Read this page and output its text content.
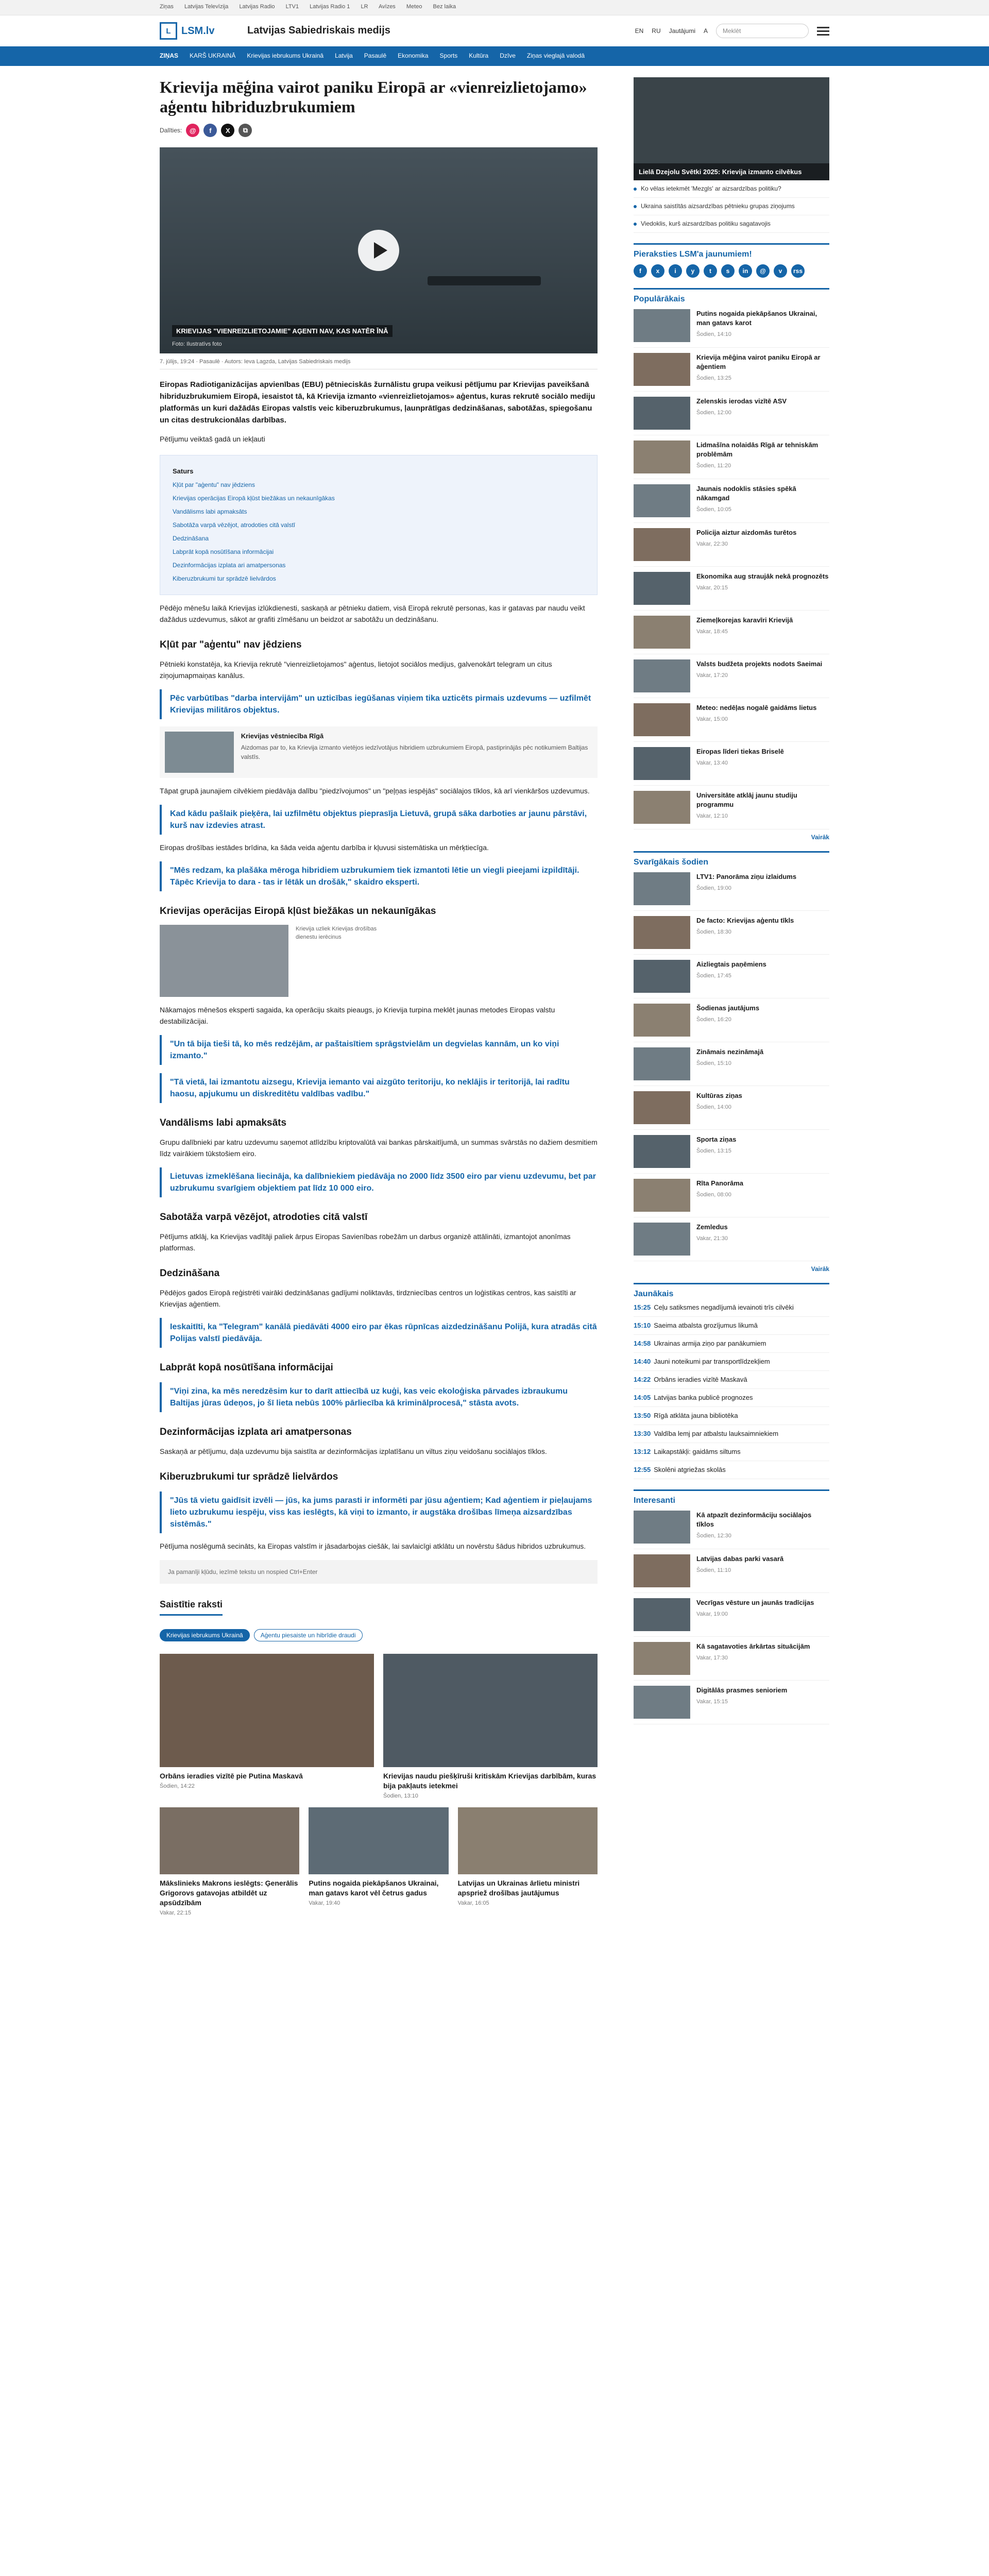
Ziņas Latvijas Televīzija Latvijas Radio LTV1 Latvijas Radio 1 LR Avīzes Meteo Bez laika
L	LSM.lv	Latvijas Sabiedriskais medijs	EN RU Jautājumi A	Meklēt
ZIŅAS KARŠ UKRAINĀ Krievijas iebrukums Ukrainā Latvija Pasaulē Ekonomika Sports Kultūra Dzīve Ziņas vieglajā valodā
Krievija mēģina vairot paniku Eiropā ar «vienreizlietojamo» aģentu hibriduzbrukumiem
Dalīties:	@	f	X	⧉
KRIEVIJAS "VIENREIZLIETOJAMIE" AĢENTI NAV, KAS NATĒR ĪNĀ
Foto: Ilustratīvs foto
7. jūlijs, 19:24 · Pasaulē · Autors: Ieva Lagzda, Latvijas Sabiedriskais medijs
Eiropas Radiotiganizācijas apvienības (EBU) pētnieciskās žurnālistu grupa veikusi pētījumu par Krievijas paveikšanā hibriduzbrukumiem Eiropā, iesaistot tā, kā Krievija izmanto «vienreizlietojamos» aģentus, kuras rekrutē sociālo mediju platformās un kuri dažādās Eiropas valstīs veic kiberuzbrukumus, ļaunprātīgas dedzināšanas, sabotāžas, spiegošanu un citas destrukcionālas darbības.
Pētījumu veiktaš gadā un iekļauti
Saturs
Kļūt par "aģentu" nav jēdziens
Krievijas operācijas Eiropā kļūst biežākas un nekaunīgākas
Vandālisms labi apmaksāts
Sabotāža varpā vēzējot, atrodoties citā valstī
Dedzināšana
Labprāt kopā nosūtīšana informācijai
Dezinformācijas izplata ari amatpersonas
Kiberuzbrukumi tur sprādzē lielvārdos
Pēdējo mēnešu laikā Krievijas izlūkdienesti, saskaņā ar pētnieku datiem, visā Eiropā rekrutē personas, kas ir gatavas par naudu veikt dažādus uzdevumus, sākot ar grafiti zīmēšanu un beidzot ar sabotāžu un dedzināšanu.
Kļūt par "aģentu" nav jēdziens
Pētnieki konstatēja, ka Krievija rekrutē "vienreizlietojamos" aģentus, lietojot sociālos medijus, galvenokārt telegram un citus ziņojumapmaiņas kanālus.
Pēc varbūtības "darba intervijām" un uzticības iegūšanas viņiem tika uzticēts pirmais uzdevums — uzfilmēt Krievijas militāros objektus.
Krievijas vēstniecība Rīgā
Aizdomas par to, ka Krievija izmanto vietējos iedzīvotājus hibridiem uzbrukumiem Eiropā, pastiprinājās pēc notikumiem Baltijas valstīs.
Tāpat grupā jaunajiem cilvēkiem piedāvāja dalību "piedzīvojumos" un "peļņas iespējās" sociālajos tīklos, kā arī vienkāršos uzdevumus.
Kad kādu pašlaik pieķēra, lai uzfilmētu objektus pieprasīja Lietuvā, grupā sāka darboties ar jaunu pārstāvi, kurš nav izdevies atrast.
Eiropas drošības iestādes brīdina, ka šāda veida aģentu darbība ir kļuvusi sistemātiska un mērķtiecīga.
"Mēs redzam, ka plašāka mēroga hibridiem uzbrukumiem tiek izmantoti lētie un viegli pieejami izpildītāji. Tāpēc Krievija to dara - tas ir lētāk un drošāk," skaidro eksperti.
Krievijas operācijas Eiropā kļūst biežākas un nekaunīgākas
Krievija uzliek Krievijas drošības dienestu ierēcinus
Nākamajos mēnešos eksperti sagaida, ka operāciju skaits pieaugs, jo Krievija turpina meklēt jaunas metodes Eiropas valstu destabilizācijai.
"Un tā bija tieši tā, ko mēs redzējām, ar paštaisītiem sprāgstvielām un degvielas kannām, un ko viņi izmanto."
"Tā vietā, lai izmantotu aizsegu, Krievija iemanto vai aizgūto teritoriju, ko neklājis ir teritorijā, lai radītu haosu, apjukumu un diskreditētu valdības vadību."
Vandālisms labi apmaksāts
Grupu dalībnieki par katru uzdevumu saņemot atlīdzību kriptovalūtā vai bankas pārskaitījumā, un summas svārstās no dažiem desmitiem līdz vairākiem tūkstošiem eiro.
Lietuvas izmeklēšana liecināja, ka dalībniekiem piedāvāja no 2000 līdz 3500 eiro par vienu uzdevumu, bet par uzbrukumu svarīgiem objektiem pat līdz 10 000 eiro.
Sabotāža varpā vēzējot, atrodoties citā valstī
Pētījums atklāj, ka Krievijas vadītāji paliek ārpus Eiropas Savienības robežām un darbus organizē attālināti, izmantojot anonīmas platformas.
Dedzināšana
Pēdējos gados Eiropā reģistrēti vairāki dedzināšanas gadījumi noliktavās, tirdzniecības centros un loģistikas centros, kas saistīti ar Krievijas aģentiem.
Ieskaitīti, ka "Telegram" kanālā piedāvāti 4000 eiro par ēkas rūpnīcas aizdedzināšanu Polijā, kura atradās citā Polijas valstī piedāvāja.
Labprāt kopā nosūtīšana informācijai
"Viņi zina, ka mēs neredzēsim kur to darīt attiecībā uz kuģi, kas veic ekoloģiska pārvades izbraukumu Baltijas jūras ūdeņos, jo šī lieta nebūs 100% pārliecība kā kriminālprocesā," stāsta avots.
Dezinformācijas izplata ari amatpersonas
Saskaņā ar pētījumu, daļa uzdevumu bija saistīta ar dezinformācijas izplatīšanu un viltus ziņu veidošanu sociālajos tīklos.
Kiberuzbrukumi tur sprādzē lielvārdos
"Jūs tā vietu gaidīsit izvēli — jūs, ka jums parasti ir informēti par jūsu aģentiem; Kad aģentiem ir pieļaujams lieto uzbrukumu iespēju, viss kas ieslēgts, kā viņi to izmanto, ir augstāka drošības līmeņa aizsardzības sistēmās."
Pētījuma noslēgumā secināts, ka Eiropas valstīm ir jāsadarbojas ciešāk, lai savlaicīgi atklātu un novērstu šādus hibridos uzbrukumus.
Ja pamanīji kļūdu, iezīmē tekstu un nospied Ctrl+Enter
Saistītie raksti
Krievijas iebrukums Ukrainā	Aģentu piesaiste un hibrīdie draudi
Orbāns ieradies vizītē pie Putina Maskavā
Šodien, 14:22
Krievijas naudu piešķīruši kritiskām Krievijas darbībām, kuras bija pakļauts ietekmei
Šodien, 13:10
Mākslinieks Makrons ieslēgts: Ģenerālis Grigorovs gatavojas atbildēt uz apsūdzībām
Vakar, 22:15
Putins nogaida piekāpšanos Ukrainai, man gatavs karot vēl četrus gadus
Vakar, 19:40
Latvijas un Ukrainas ārlietu ministri apspriež drošības jautājumus
Vakar, 16:05
Lielā Dzejolu Svētki 2025: Krievija izmanto cilvēkus
Ko vēlas ietekmēt 'Mezgls' ar aizsardzības politiku?
Ukraina saistītās aizsardzības pētnieku grupas ziņojums
Viedoklis, kurš aizsardzības politiku sagatavojis
Pieraksties LSM'a jaunumiem!
f	x	i	y	t	s	in	@	v	rss
Populārākais
Putins nogaida piekāpšanos Ukrainai, man gatavs karot
Šodien, 14:10
Krievija mēģina vairot paniku Eiropā ar aģentiem
Šodien, 13:25
Zelenskis ierodas vizītē ASV
Šodien, 12:00
Lidmašīna nolaidās Rīgā ar tehniskām problēmām
Šodien, 11:20
Jaunais nodoklis stāsies spēkā nākamgad
Šodien, 10:05
Policija aiztur aizdomās turētos
Vakar, 22:30
Ekonomika aug straujāk nekā prognozēts
Vakar, 20:15
Ziemeļkorejas karavīri Krievijā
Vakar, 18:45
Valsts budžeta projekts nodots Saeimai
Vakar, 17:20
Meteo: nedēļas nogalē gaidāms lietus
Vakar, 15:00
Eiropas līderi tiekas Briselē
Vakar, 13:40
Universitāte atklāj jaunu studiju programmu
Vakar, 12:10
Vairāk
Svarīgākais šodien
LTV1: Panorāma ziņu izlaidums
Šodien, 19:00
De facto: Krievijas aģentu tīkls
Šodien, 18:30
Aizliegtais paņēmiens
Šodien, 17:45
Šodienas jautājums
Šodien, 16:20
Zināmais nezināmajā
Šodien, 15:10
Kultūras ziņas
Šodien, 14:00
Sporta ziņas
Šodien, 13:15
Rīta Panorāma
Šodien, 08:00
Zemledus
Vakar, 21:30
Vairāk
Jaunākais
15:25 Ceļu satiksmes negadījumā ievainoti trīs cilvēki
15:10 Saeima atbalsta grozījumus likumā
14:58 Ukrainas armija ziņo par panākumiem
14:40 Jauni noteikumi par transportlīdzekļiem
14:22 Orbāns ieradies vizītē Maskavā
14:05 Latvijas banka publicē prognozes
13:50 Rīgā atklāta jauna bibliotēka
13:30 Valdība lemj par atbalstu lauksaimniekiem
13:12 Laikapstākļi: gaidāms siltums
12:55 Skolēni atgriežas skolās
Interesanti
Kā atpazīt dezinformāciju sociālajos tīklos
Šodien, 12:30
Latvijas dabas parki vasarā
Šodien, 11:10
Vecrīgas vēsture un jaunās tradīcijas
Vakar, 19:00
Kā sagatavoties ārkārtas situācijām
Vakar, 17:30
Digitālās prasmes senioriem
Vakar, 15:15
